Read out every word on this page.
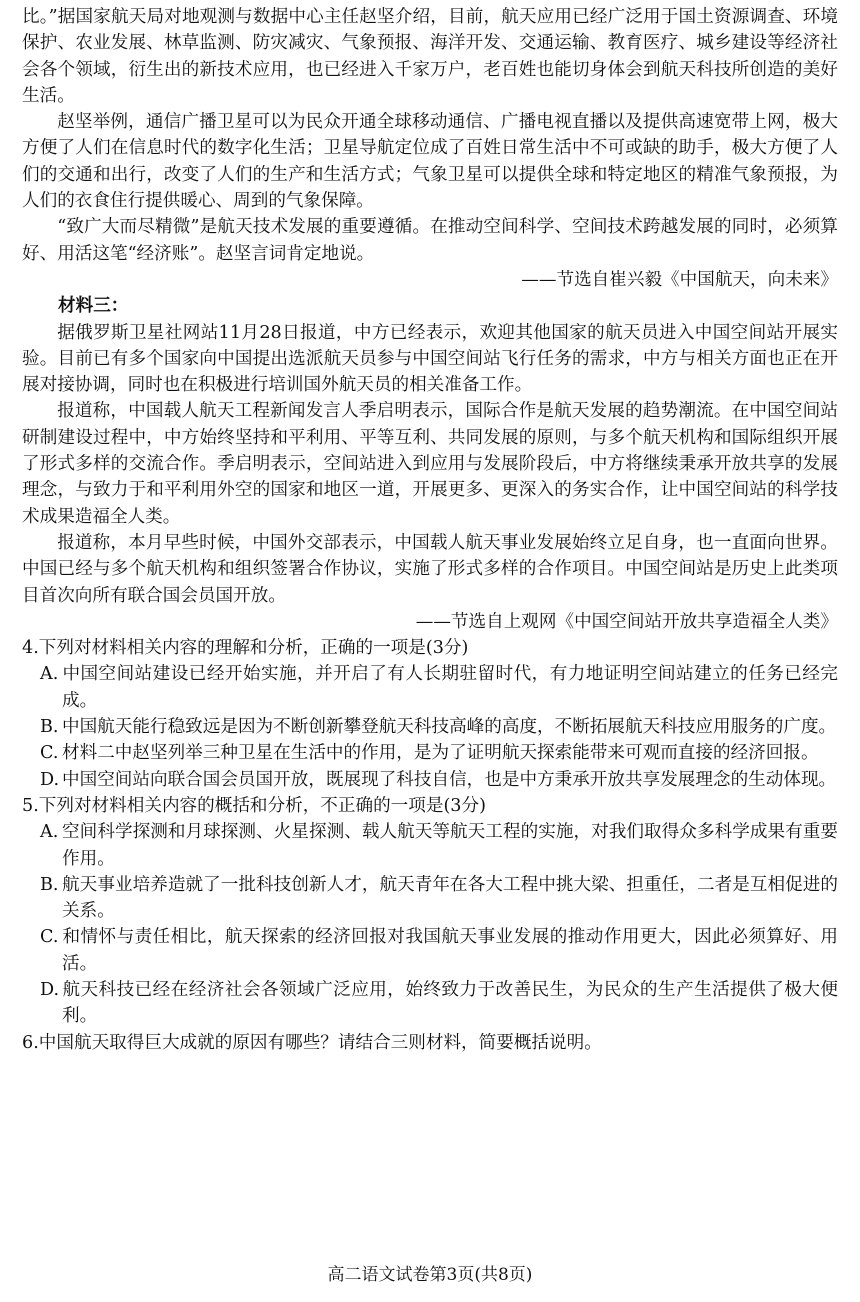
比。”据国家航天局对地观测与数据中心主任赵坚介绍，目前，航天应用已经广泛用于国土资源调查、环境保护、农业发展、林草监测、防灾减灾、气象预报、海洋开发、交通运输、教育医疗、城乡建设等经济社会各个领域，衍生出的新技术应用，也已经进入千家万户，老百姓也能切身体会到航天科技所创造的美好生活。

赵坚举例，通信广播卫星可以为民众开通全球移动通信、广播电视直播以及提供高速宽带上网，极大方便了人们在信息时代的数字化生活；卫星导航定位成了百姓日常生活中不可或缺的助手，极大方便了人们的交通和出行，改变了人们的生产和生活方式；气象卫星可以提供全球和特定地区的精准气象预报，为人们的衣食住行提供暖心、周到的气象保障。

“致广大而尽精微”是航天技术发展的重要遵循。在推动空间科学、空间技术跨越发展的同时，必须算好、用活这笔“经济账”。赵坚言词肯定地说。

——节选自崔兴毅《中国航天，向未来》

材料三：

据俄罗斯卫星社网站11月28日报道，中方已经表示，欢迎其他国家的航天员进入中国空间站开展实验。目前已有多个国家向中国提出选派航天员参与中国空间站飞行任务的需求，中方与相关方面也正在开展对接协调，同时也在积极进行培训国外航天员的相关准备工作。

报道称，中国载人航天工程新闻发言人季启明表示，国际合作是航天发展的趋势潮流。在中国空间站研制建设过程中，中方始终坚持和平利用、平等互利、共同发展的原则，与多个航天机构和国际组织开展了形式多样的交流合作。季启明表示，空间站进入到应用与发展阶段后，中方将继续秉承开放共享的发展理念，与致力于和平利用外空的国家和地区一道，开展更多、更深入的务实合作，让中国空间站的科学技术成果造福全人类。

报道称，本月早些时候，中国外交部表示，中国载人航天事业发展始终立足自身，也一直面向世界。中国已经与多个航天机构和组织签署合作协议，实施了形式多样的合作项目。中国空间站是历史上此类项目首次向所有联合国会员国开放。

——节选自上观网《中国空间站开放共享造福全人类》

4.下列对材料相关内容的理解和分析，正确的一项是(3分)

A. 中国空间站建设已经开始实施，并开启了有人长期驻留时代，有力地证明空间站建立的任务已经完成。

B. 中国航天能行稳致远是因为不断创新攀登航天科技高峰的高度，不断拓展航天科技应用服务的广度。

C. 材料二中赵坚列举三种卫星在生活中的作用，是为了证明航天探索能带来可观而直接的经济回报。

D. 中国空间站向联合国会员国开放，既展现了科技自信，也是中方秉承开放共享发展理念的生动体现。

5.下列对材料相关内容的概括和分析，不正确的一项是(3分)

A. 空间科学探测和月球探测、火星探测、载人航天等航天工程的实施，对我们取得众多科学成果有重要作用。

B. 航天事业培养造就了一批科技创新人才，航天青年在各大工程中挑大梁、担重任，二者是互相促进的关系。

C. 和情怀与责任相比，航天探索的经济回报对我国航天事业发展的推动作用更大，因此必须算好、用活。

D. 航天科技已经在经济社会各领域广泛应用，始终致力于改善民生，为民众的生产生活提供了极大便利。

6.中国航天取得巨大成就的原因有哪些？请结合三则材料，简要概括说明。

高二语文试卷第3页(共8页)
